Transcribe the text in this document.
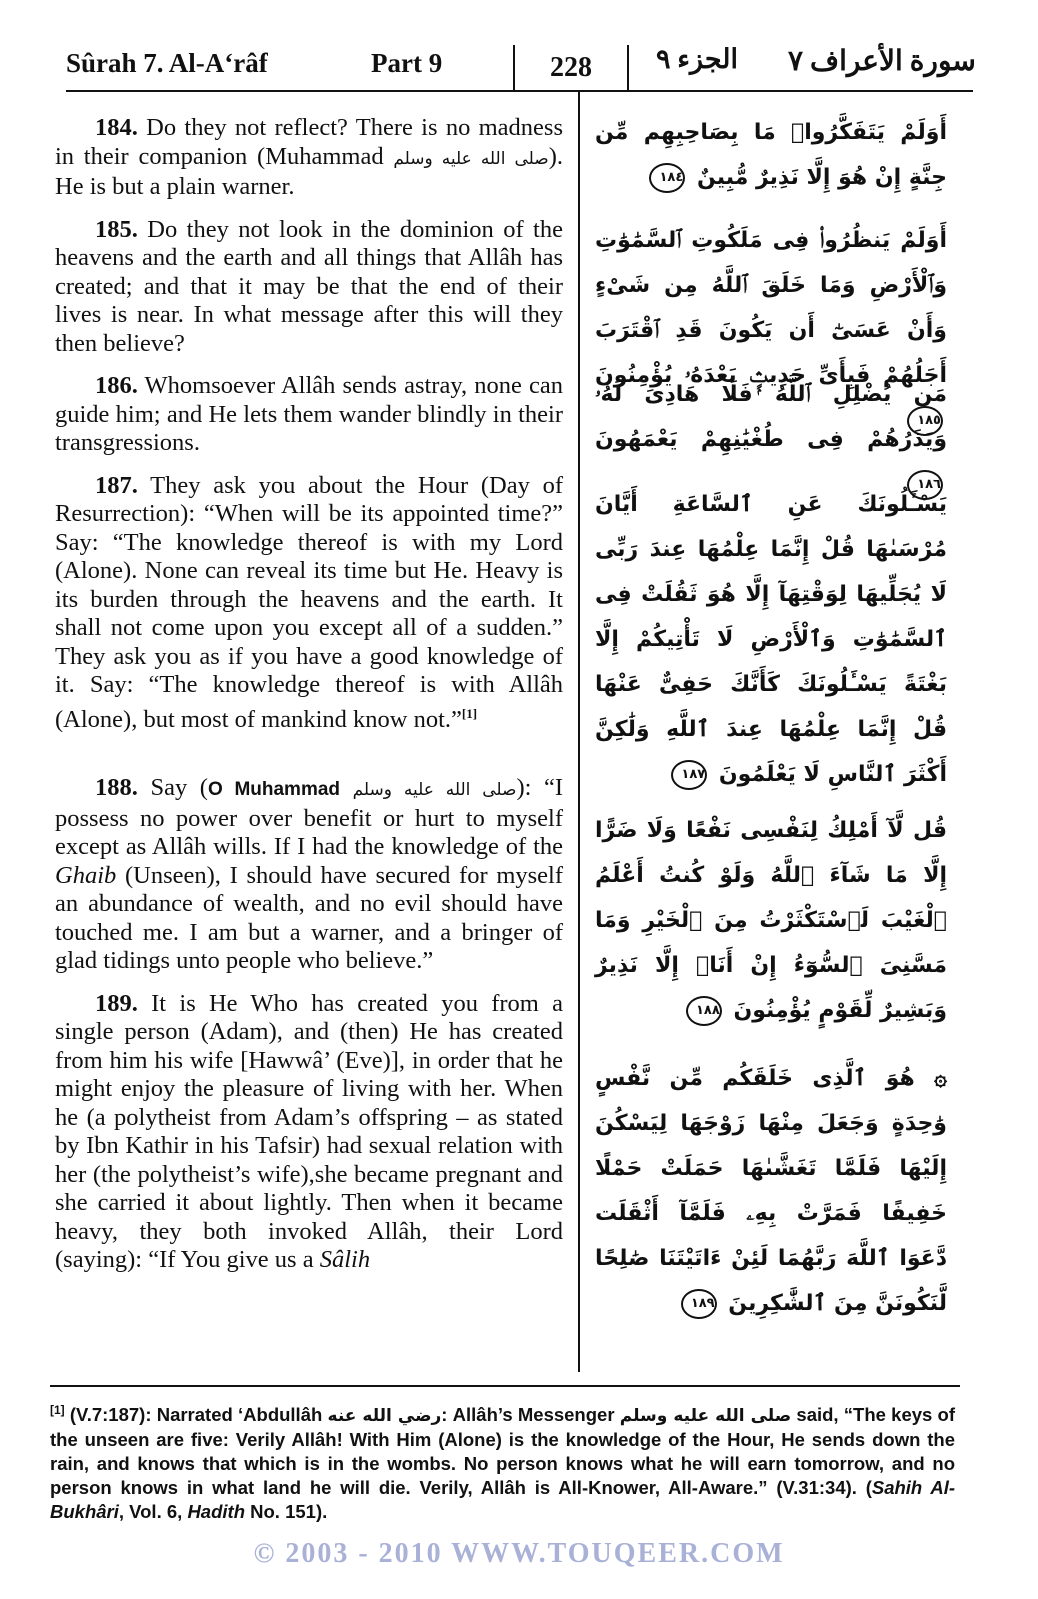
Sûrah 7. Al-A‘râf	Part 9	228	الجزء ٩ سورة الأعراف ٧

184. Do they not reflect? There is no madness in their companion (Muhammad صلى الله عليه وسلم). He is but a plain warner.

185. Do they not look in the dominion of the heavens and the earth and all things that Allâh has created; and that it may be that the end of their lives is near. In what message after this will they then believe?

186. Whomsoever Allâh sends astray, none can guide him; and He lets them wander blindly in their transgressions.

187. They ask you about the Hour (Day of Resurrection): “When will be its appointed time?” Say: “The knowledge thereof is with my Lord (Alone). None can reveal its time but He. Heavy is its burden through the heavens and the earth. It shall not come upon you except all of a sudden.” They ask you as if you have a good knowledge of it. Say: “The knowledge thereof is with Allâh (Alone), but most of mankind know not.”[1]

188. Say (O Muhammad صلى الله عليه وسلم): “I possess no power over benefit or hurt to myself except as Allâh wills. If I had the knowledge of the Ghaib (Unseen), I should have secured for myself an abundance of wealth, and no evil should have touched me. I am but a warner, and a bringer of glad tidings unto people who believe.”

189. It is He Who has created you from a single person (Adam), and (then) He has created from him his wife [Hawwâ’ (Eve)], in order that he might enjoy the pleasure of living with her. When he (a polytheist from Adam’s offspring – as stated by Ibn Kathir in his Tafsir) had sexual relation with her (the polytheist’s wife),she became pregnant and she carried it about lightly. Then when it became heavy, they both invoked Allâh, their Lord (saying): “If You give us a Sâlih

أَوَلَمْ يَتَفَكَّرُوا۟ مَا بِصَاحِبِهِم مِّن جِنَّةٍ إِنْ هُوَ إِلَّا نَذِيرٌ مُّبِينٌ ١٨٤
أَوَلَمْ يَنظُرُوا۟ فِى مَلَكُوتِ ٱلسَّمَٰوَٰتِ وَٱلْأَرْضِ وَمَا خَلَقَ ٱللَّهُ مِن شَىْءٍ وَأَنْ عَسَىٰٓ أَن يَكُونَ قَدِ ٱقْتَرَبَ أَجَلُهُمْ فَبِأَىِّ حَدِيثٍۭ بَعْدَهُۥ يُؤْمِنُونَ ١٨٥
مَن يُضْلِلِ ٱللَّهُ فَلَا هَادِىَ لَهُۥ وَيَذَرُهُمْ فِى طُغْيَٰنِهِمْ يَعْمَهُونَ ١٨٦
يَسْـَٔلُونَكَ عَنِ ٱلسَّاعَةِ أَيَّانَ مُرْسَىٰهَا قُلْ إِنَّمَا عِلْمُهَا عِندَ رَبِّى لَا يُجَلِّيهَا لِوَقْتِهَآ إِلَّا هُوَ ثَقُلَتْ فِى ٱلسَّمَٰوَٰتِ وَٱلْأَرْضِ لَا تَأْتِيكُمْ إِلَّا بَغْتَةً يَسْـَٔلُونَكَ كَأَنَّكَ حَفِىٌّ عَنْهَا قُلْ إِنَّمَا عِلْمُهَا عِندَ ٱللَّهِ وَلَٰكِنَّ أَكْثَرَ ٱلنَّاسِ لَا يَعْلَمُونَ ١٨٧
قُل لَّآ أَمْلِكُ لِنَفْسِى نَفْعًا وَلَا ضَرًّا إِلَّا مَا شَآءَ ٱللَّهُ وَلَوْ كُنتُ أَعْلَمُ ٱلْغَيْبَ لَٱسْتَكْثَرْتُ مِنَ ٱلْخَيْرِ وَمَا مَسَّنِىَ ٱلسُّوٓءُ إِنْ أَنَا۠ إِلَّا نَذِيرٌ وَبَشِيرٌ لِّقَوْمٍ يُؤْمِنُونَ ١٨٨
۞ هُوَ ٱلَّذِى خَلَقَكُم مِّن نَّفْسٍ وَٰحِدَةٍ وَجَعَلَ مِنْهَا زَوْجَهَا لِيَسْكُنَ إِلَيْهَا فَلَمَّا تَغَشَّىٰهَا حَمَلَتْ حَمْلًا خَفِيفًا فَمَرَّتْ بِهِۦ فَلَمَّآ أَثْقَلَت دَّعَوَا ٱللَّهَ رَبَّهُمَا لَئِنْ ءَاتَيْتَنَا صَٰلِحًا لَّنَكُونَنَّ مِنَ ٱلشَّٰكِرِينَ ١٨٩
[1] (V.7:187): Narrated ‘Abdullâh رضي الله عنه: Allâh’s Messenger صلى الله عليه وسلم said, “The keys of the unseen are five: Verily Allâh! With Him (Alone) is the knowledge of the Hour, He sends down the rain, and knows that which is in the wombs. No person knows what he will earn tomorrow, and no person knows in what land he will die. Verily, Allâh is All-Knower, All-Aware.” (V.31:34). (Sahih Al-Bukhâri, Vol. 6, Hadith No. 151).
© 2003 - 2010 WWW.TOUQEER.COM
